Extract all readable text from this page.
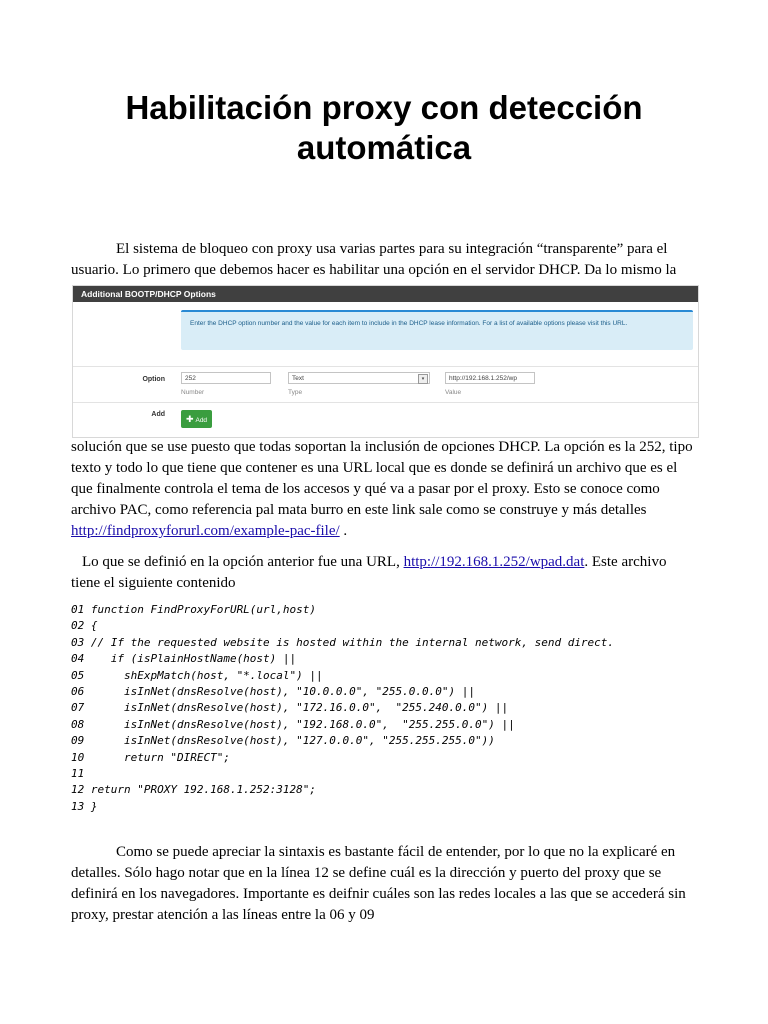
Habilitación proxy con detección automática

El sistema de bloqueo con proxy usa varias partes para su integración “transparente” para el usuario. Lo primero que debemos hacer es habilitar una opción en el servidor DHCP. Da lo mismo la

Additional BOOTP/DHCP Options
Enter the DHCP option number and the value for each item to include in the DHCP lease information. For a list of available options please visit this URL.
Option	252
Number
Text	▾
Type
http://192.168.1.252/wp
Value
Add	✚ Add

solución que se use puesto que todas soportan la inclusión de opciones DHCP. La opción es la 252, tipo texto y todo lo que tiene que contener es una URL local que es donde se definirá un archivo que es el que finalmente controla el tema de los accesos y qué va a pasar por el proxy. Esto se conoce como archivo PAC, como referencia pal mata burro en este link sale como se construye y más detalles http://findproxyforurl.com/example-pac-file/ .

Lo que se definió en la opción anterior fue una URL, http://192.168.1.252/wpad.dat. Este archivo tiene el siguiente contenido

01 function FindProxyForURL(url,host)
02 {
03 // If the requested website is hosted within the internal network, send direct.
04    if (isPlainHostName(host) ||
05      shExpMatch(host, "*.local") ||
06      isInNet(dnsResolve(host), "10.0.0.0", "255.0.0.0") ||
07      isInNet(dnsResolve(host), "172.16.0.0",  "255.240.0.0") ||
08      isInNet(dnsResolve(host), "192.168.0.0",  "255.255.0.0") ||
09      isInNet(dnsResolve(host), "127.0.0.0", "255.255.255.0"))
10      return "DIRECT";
11
12 return "PROXY 192.168.1.252:3128";
13 }

Como se puede apreciar la sintaxis es bastante fácil de entender, por lo que no la explicaré en detalles. Sólo hago notar que en la línea 12 se define cuál es la dirección y puerto del proxy que se definirá en los navegadores. Importante es deifnir cuáles son las redes locales a las que se accederá sin proxy, prestar atención a las líneas entre la 06 y 09
